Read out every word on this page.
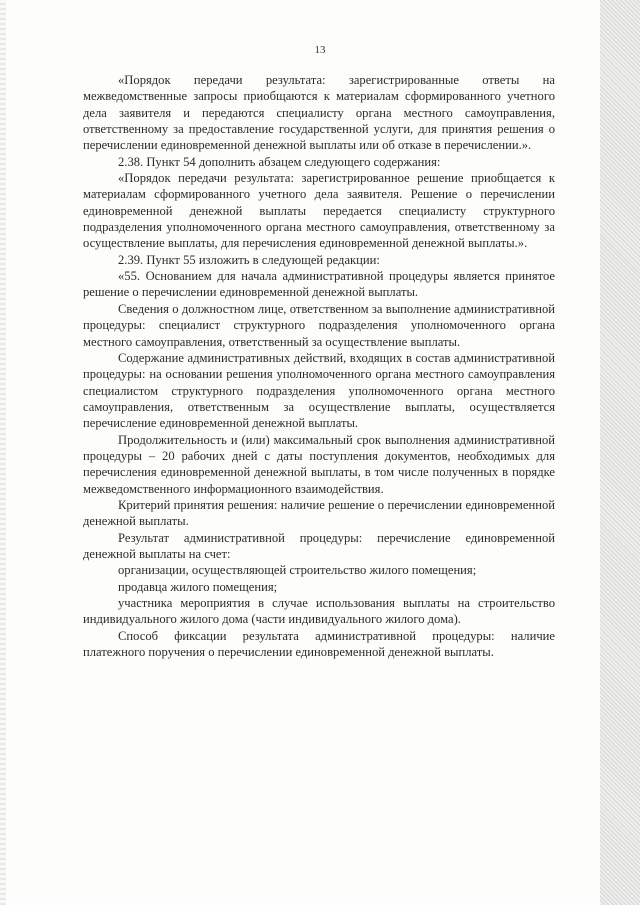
13

«Порядок передачи результата: зарегистрированные ответы на межведомственные запросы приобщаются к материалам сформированного учетного дела заявителя и передаются специалисту органа местного самоуправления, ответственному за предоставление государственной услуги, для принятия решения о перечислении единовременной денежной выплаты или об отказе в перечислении.».

2.38. Пункт 54 дополнить абзацем следующего содержания:

«Порядок передачи результата: зарегистрированное решение приобщается к материалам сформированного учетного дела заявителя. Решение о перечислении единовременной денежной выплаты передается специалисту структурного подразделения уполномоченного органа местного самоуправления, ответственному за осуществление выплаты, для перечисления единовременной денежной выплаты.».

2.39. Пункт 55 изложить в следующей редакции:

«55. Основанием для начала административной процедуры является принятое решение о перечислении единовременной денежной выплаты.

Сведения о должностном лице, ответственном за выполнение административной процедуры: специалист структурного подразделения уполномоченного органа местного самоуправления, ответственный за осуществление выплаты.

Содержание административных действий, входящих в состав административной процедуры: на основании решения уполномоченного органа местного самоуправления специалистом структурного подразделения уполномоченного органа местного самоуправления, ответственным за осуществление выплаты, осуществляется перечисление единовременной денежной выплаты.

Продолжительность и (или) максимальный срок выполнения административной процедуры – 20 рабочих дней с даты поступления документов, необходимых для перечисления единовременной денежной выплаты, в том числе полученных в порядке межведомственного информационного взаимодействия.

Критерий принятия решения: наличие решение о перечислении единовременной денежной выплаты.

Результат административной процедуры: перечисление единовременной денежной выплаты на счет:

организации, осуществляющей строительство жилого помещения;

продавца жилого помещения;

участника мероприятия в случае использования выплаты на строительство индивидуального жилого дома (части индивидуального жилого дома).

Способ фиксации результата административной процедуры: наличие платежного поручения о перечислении единовременной денежной выплаты.
